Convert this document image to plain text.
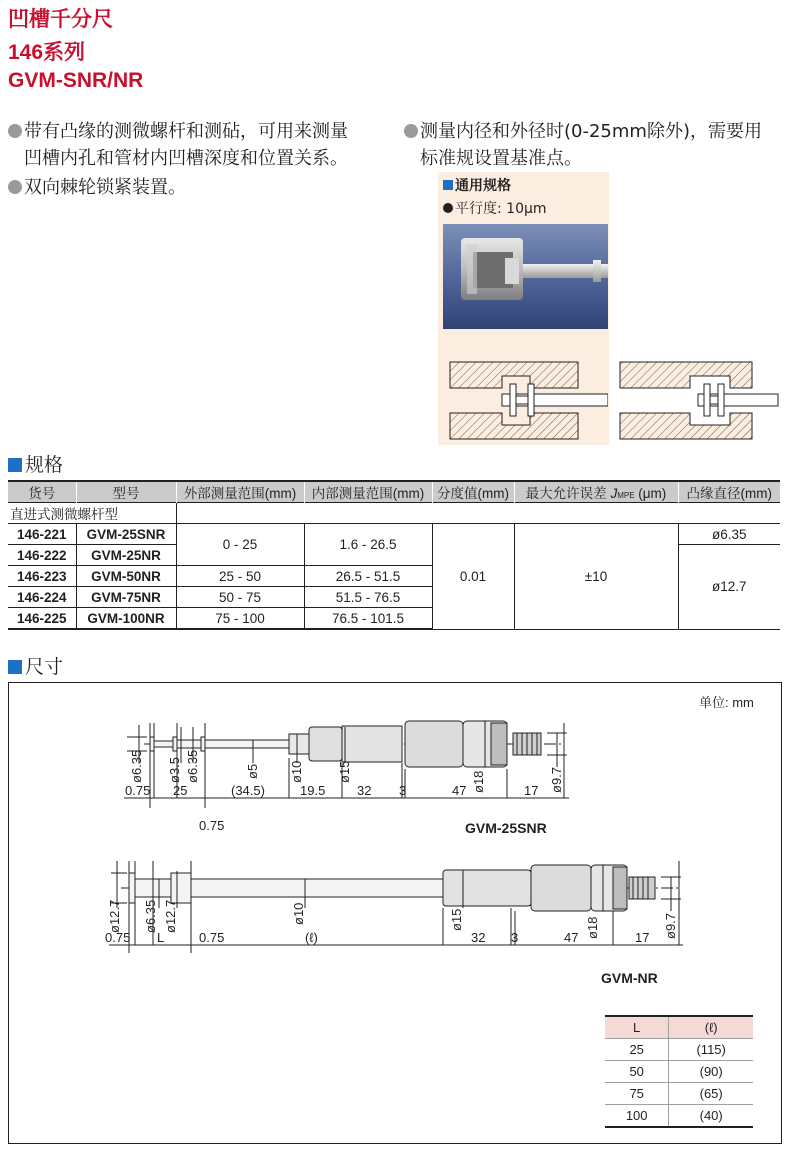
凹槽千分尺
146系列
GVM-SNR/NR
带有凸缘的测微螺杆和测砧，可用来测量
凹槽内孔和管材内凹槽深度和位置关系。
双向棘轮锁紧装置。
测量内径和外径时(0-25mm除外)，需要用
标准规设置基准点。
通用规格
平行度: 10μm
规格
货号	型号	外部测量范围(mm)	内部测量范围(mm)	分度值(mm)	最大允许误差 JMPE (μm)	凸缘直径(mm)
直进式测微螺杆型						
146-221	GVM-25SNR	0 - 25	1.6 - 26.5	0.01	±10	ø6.35
146-222	GVM-25NR					ø12.7
146-223	GVM-50NR	25 - 50	26.5 - 51.5			
146-224	GVM-75NR	50 - 75	51.5 - 76.5			
146-225	GVM-100NR	75 - 100	76.5 - 101.5			
尺寸
单位: mm
ø6.35 ø3.5 ø6.35	ø5 ø10	ø15	ø18	ø9.7
0.75 25	(34.5)	19.5 32 3	47	17
0.75	GVM-25SNR
ø12.7 ø6.35 ø12.7	ø10	ø15	ø18	ø9.7
0.75 L	0.75	(ℓ)	32 3	47	17
GVM-NR
L	(ℓ)
25	(115)
50	(90)
75	(65)
100	(40)
